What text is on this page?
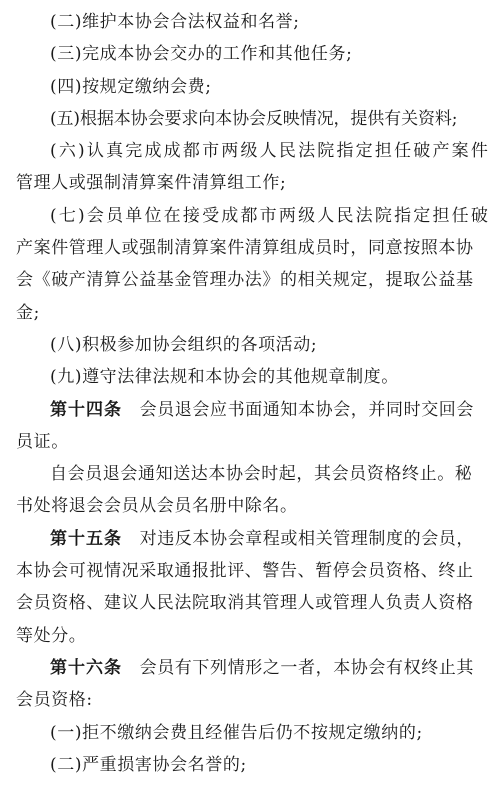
(二)维护本协会合法权益和名誉;
(三)完成本协会交办的工作和其他任务;
(四)按规定缴纳会费;
(五)根据本协会要求向本协会反映情况，提供有关资料;
(六)认真完成成都市两级人民法院指定担任破产案件
管理人或强制清算案件清算组工作;
(七)会员单位在接受成都市两级人民法院指定担任破
产案件管理人或强制清算案件清算组成员时，同意按照本协
会《破产清算公益基金管理办法》的相关规定，提取公益基
金;
(八)积极参加协会组织的各项活动;
(九)遵守法律法规和本协会的其他规章制度。
第十四条  会员退会应书面通知本协会，并同时交回会
员证。
自会员退会通知送达本协会时起，其会员资格终止。秘
书处将退会会员从会员名册中除名。
第十五条  对违反本协会章程或相关管理制度的会员，
本协会可视情况采取通报批评、警告、暂停会员资格、终止
会员资格、建议人民法院取消其管理人或管理人负责人资格
等处分。
第十六条  会员有下列情形之一者，本协会有权终止其
会员资格:
(一)拒不缴纳会费且经催告后仍不按规定缴纳的;
(二)严重损害协会名誉的;
